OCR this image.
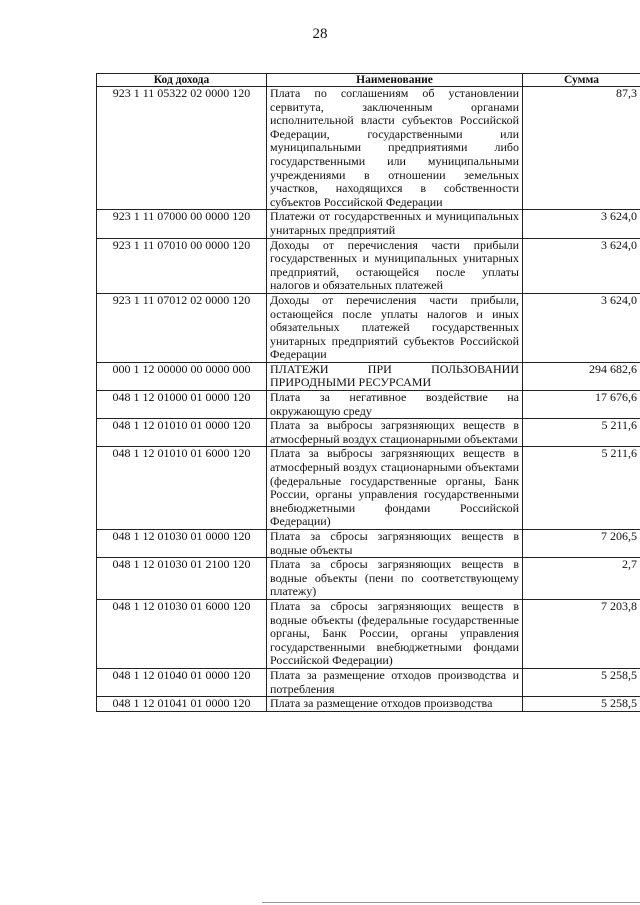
28
Код дохода	Наименование	Сумма
923 1 11 05322 02 0000 120	Плата по соглашениям об установлении сервитута, заключенным органами исполнительной власти субъектов Российской Федерации, государственными или муниципальными предприятиями либо государственными или муниципальными учреждениями в отношении земельных участков, находящихся в собственности субъектов Российской Федерации	87,3
923 1 11 07000 00 0000 120	Платежи от государственных и муниципальных унитарных предприятий	3 624,0
923 1 11 07010 00 0000 120	Доходы от перечисления части прибыли государственных и муниципальных унитарных предприятий, остающейся после уплаты налогов и обязательных платежей	3 624,0
923 1 11 07012 02 0000 120	Доходы от перечисления части прибыли, остающейся после уплаты налогов и иных обязательных платежей государственных унитарных предприятий субъектов Российской Федерации	3 624,0
000 1 12 00000 00 0000 000	ПЛАТЕЖИ ПРИ ПОЛЬЗОВАНИИ ПРИРОДНЫМИ РЕСУРСАМИ	294 682,6
048 1 12 01000 01 0000 120	Плата за негативное воздействие на окружающую среду	17 676,6
048 1 12 01010 01 0000 120	Плата за выбросы загрязняющих веществ в атмосферный воздух стационарными объектами	5 211,6
048 1 12 01010 01 6000 120	Плата за выбросы загрязняющих веществ в атмосферный воздух стационарными объектами (федеральные государственные органы, Банк России, органы управления государственными внебюджетными фондами Российской Федерации)	5 211,6
048 1 12 01030 01 0000 120	Плата за сбросы загрязняющих веществ в водные объекты	7 206,5
048 1 12 01030 01 2100 120	Плата за сбросы загрязняющих веществ в водные объекты (пени по соответствующему платежу)	2,7
048 1 12 01030 01 6000 120	Плата за сбросы загрязняющих веществ в водные объекты (федеральные государственные органы, Банк России, органы управления государственными внебюджетными фондами Российской Федерации)	7 203,8
048 1 12 01040 01 0000 120	Плата за размещение отходов производства и потребления	5 258,5
048 1 12 01041 01 0000 120	Плата за размещение отходов производства	5 258,5
